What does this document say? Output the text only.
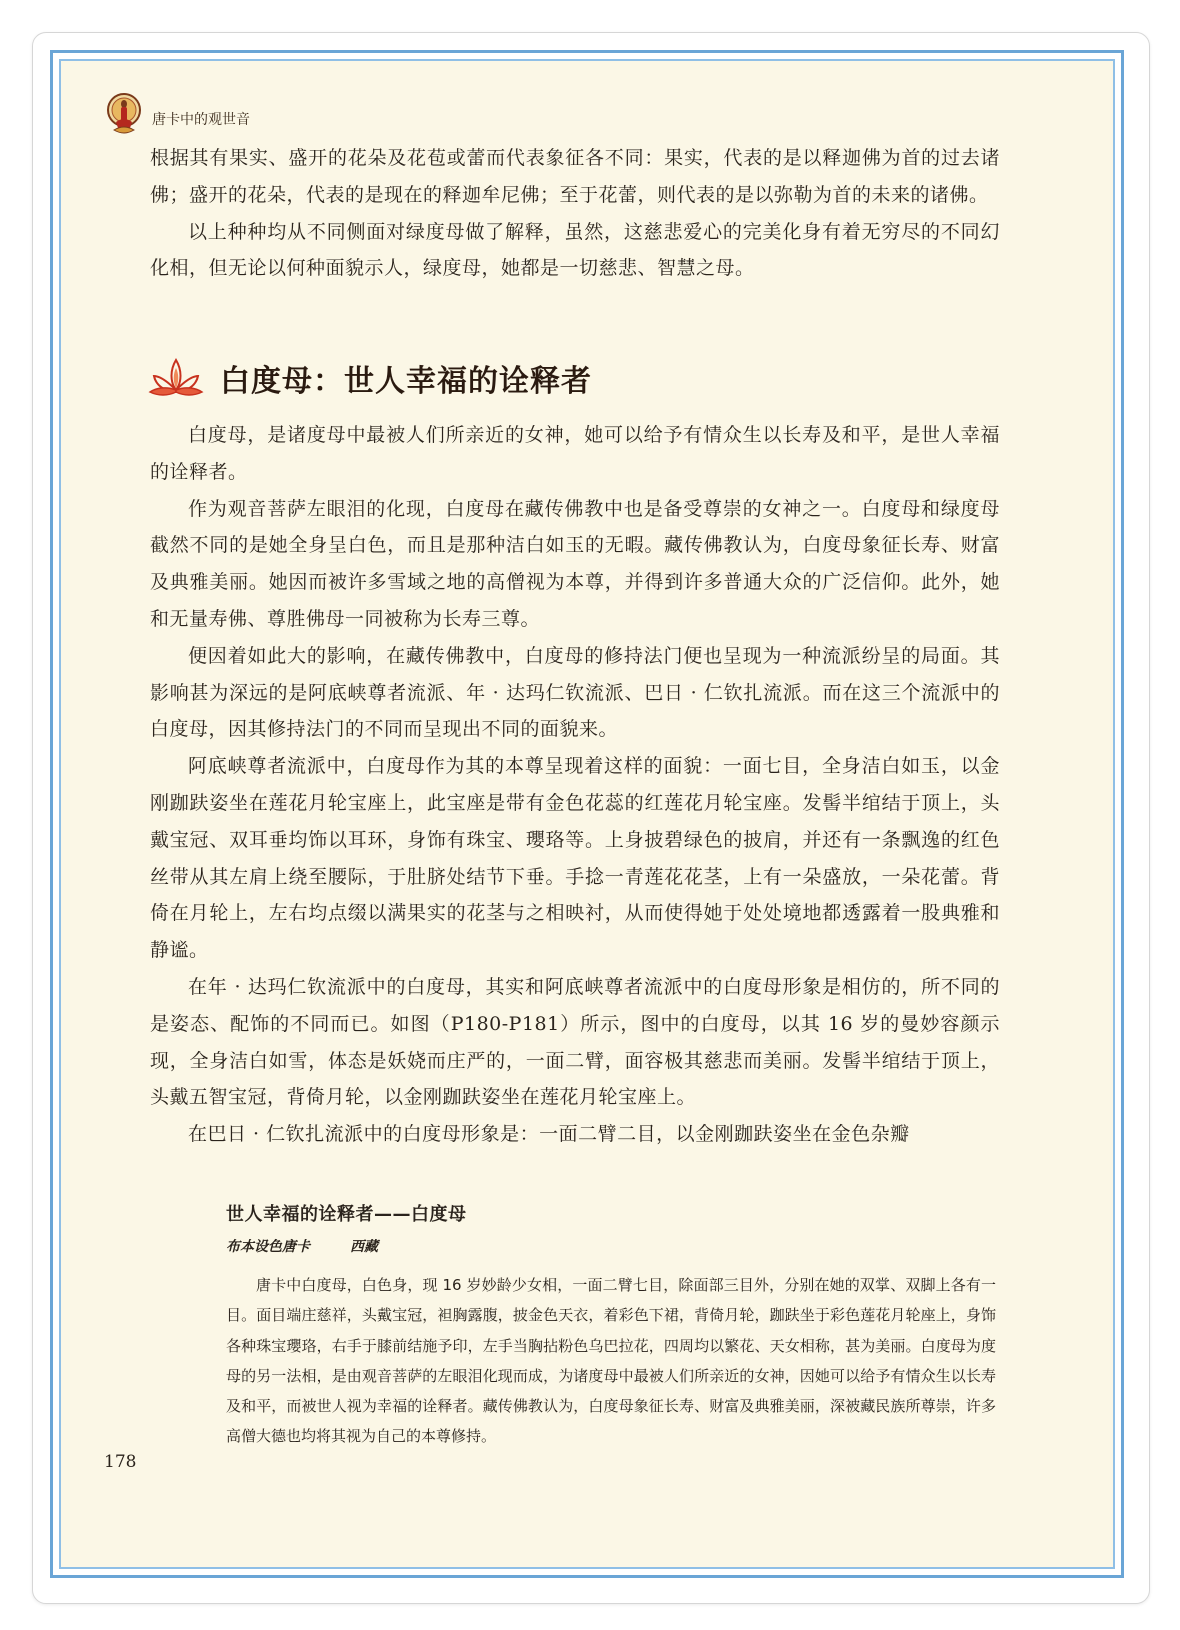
唐卡中的观世音

根据其有果实、盛开的花朵及花苞或蕾而代表象征各不同：果实，代表的是以释迦佛为首的过去诸佛；盛开的花朵，代表的是现在的释迦牟尼佛；至于花蕾，则代表的是以弥勒为首的未来的诸佛。

以上种种均从不同侧面对绿度母做了解释，虽然，这慈悲爱心的完美化身有着无穷尽的不同幻化相，但无论以何种面貌示人，绿度母，她都是一切慈悲、智慧之母。

白度母：世人幸福的诠释者

白度母，是诸度母中最被人们所亲近的女神，她可以给予有情众生以长寿及和平，是世人幸福的诠释者。

作为观音菩萨左眼泪的化现，白度母在藏传佛教中也是备受尊崇的女神之一。白度母和绿度母截然不同的是她全身呈白色，而且是那种洁白如玉的无暇。藏传佛教认为，白度母象征长寿、财富及典雅美丽。她因而被许多雪域之地的高僧视为本尊，并得到许多普通大众的广泛信仰。此外，她和无量寿佛、尊胜佛母一同被称为长寿三尊。

便因着如此大的影响，在藏传佛教中，白度母的修持法门便也呈现为一种流派纷呈的局面。其影响甚为深远的是阿底峡尊者流派、年 · 达玛仁钦流派、巴日 · 仁钦扎流派。而在这三个流派中的白度母，因其修持法门的不同而呈现出不同的面貌来。

阿底峡尊者流派中，白度母作为其的本尊呈现着这样的面貌：一面七目，全身洁白如玉，以金刚跏趺姿坐在莲花月轮宝座上，此宝座是带有金色花蕊的红莲花月轮宝座。发髻半绾结于顶上，头戴宝冠、双耳垂均饰以耳环，身饰有珠宝、瓔珞等。上身披碧绿色的披肩，并还有一条飘逸的红色丝带从其左肩上绕至腰际，于肚脐处结节下垂。手捻一青莲花花茎，上有一朵盛放，一朵花蕾。背倚在月轮上，左右均点缀以满果实的花茎与之相映衬，从而使得她于处处境地都透露着一股典雅和静谧。

在年 · 达玛仁钦流派中的白度母，其实和阿底峡尊者流派中的白度母形象是相仿的，所不同的是姿态、配饰的不同而已。如图（P180-P181）所示，图中的白度母，以其 16 岁的曼妙容颜示现，全身洁白如雪，体态是妖娆而庄严的，一面二臂，面容极其慈悲而美丽。发髻半绾结于顶上，头戴五智宝冠，背倚月轮，以金刚跏趺姿坐在莲花月轮宝座上。

在巴日 · 仁钦扎流派中的白度母形象是：一面二臂二目，以金刚跏趺姿坐在金色杂瓣

世人幸福的诠释者——白度母
布本设色唐卡	西藏
唐卡中白度母，白色身，现 16 岁妙龄少女相，一面二臂七目，除面部三目外，分别在她的双掌、双脚上各有一目。面目端庄慈祥，头戴宝冠，袒胸露腹，披金色天衣，着彩色下裙，背倚月轮，跏趺坐于彩色莲花月轮座上，身饰各种珠宝瓔珞，右手于膝前结施予印，左手当胸拈粉色乌巴拉花，四周均以繁花、天女相称，甚为美丽。白度母为度母的另一法相，是由观音菩萨的左眼泪化现而成，为诸度母中最被人们所亲近的女神，因她可以给予有情众生以长寿及和平，而被世人视为幸福的诠释者。藏传佛教认为，白度母象征长寿、财富及典雅美丽，深被藏民族所尊崇，许多高僧大德也均将其视为自己的本尊修持。
178
